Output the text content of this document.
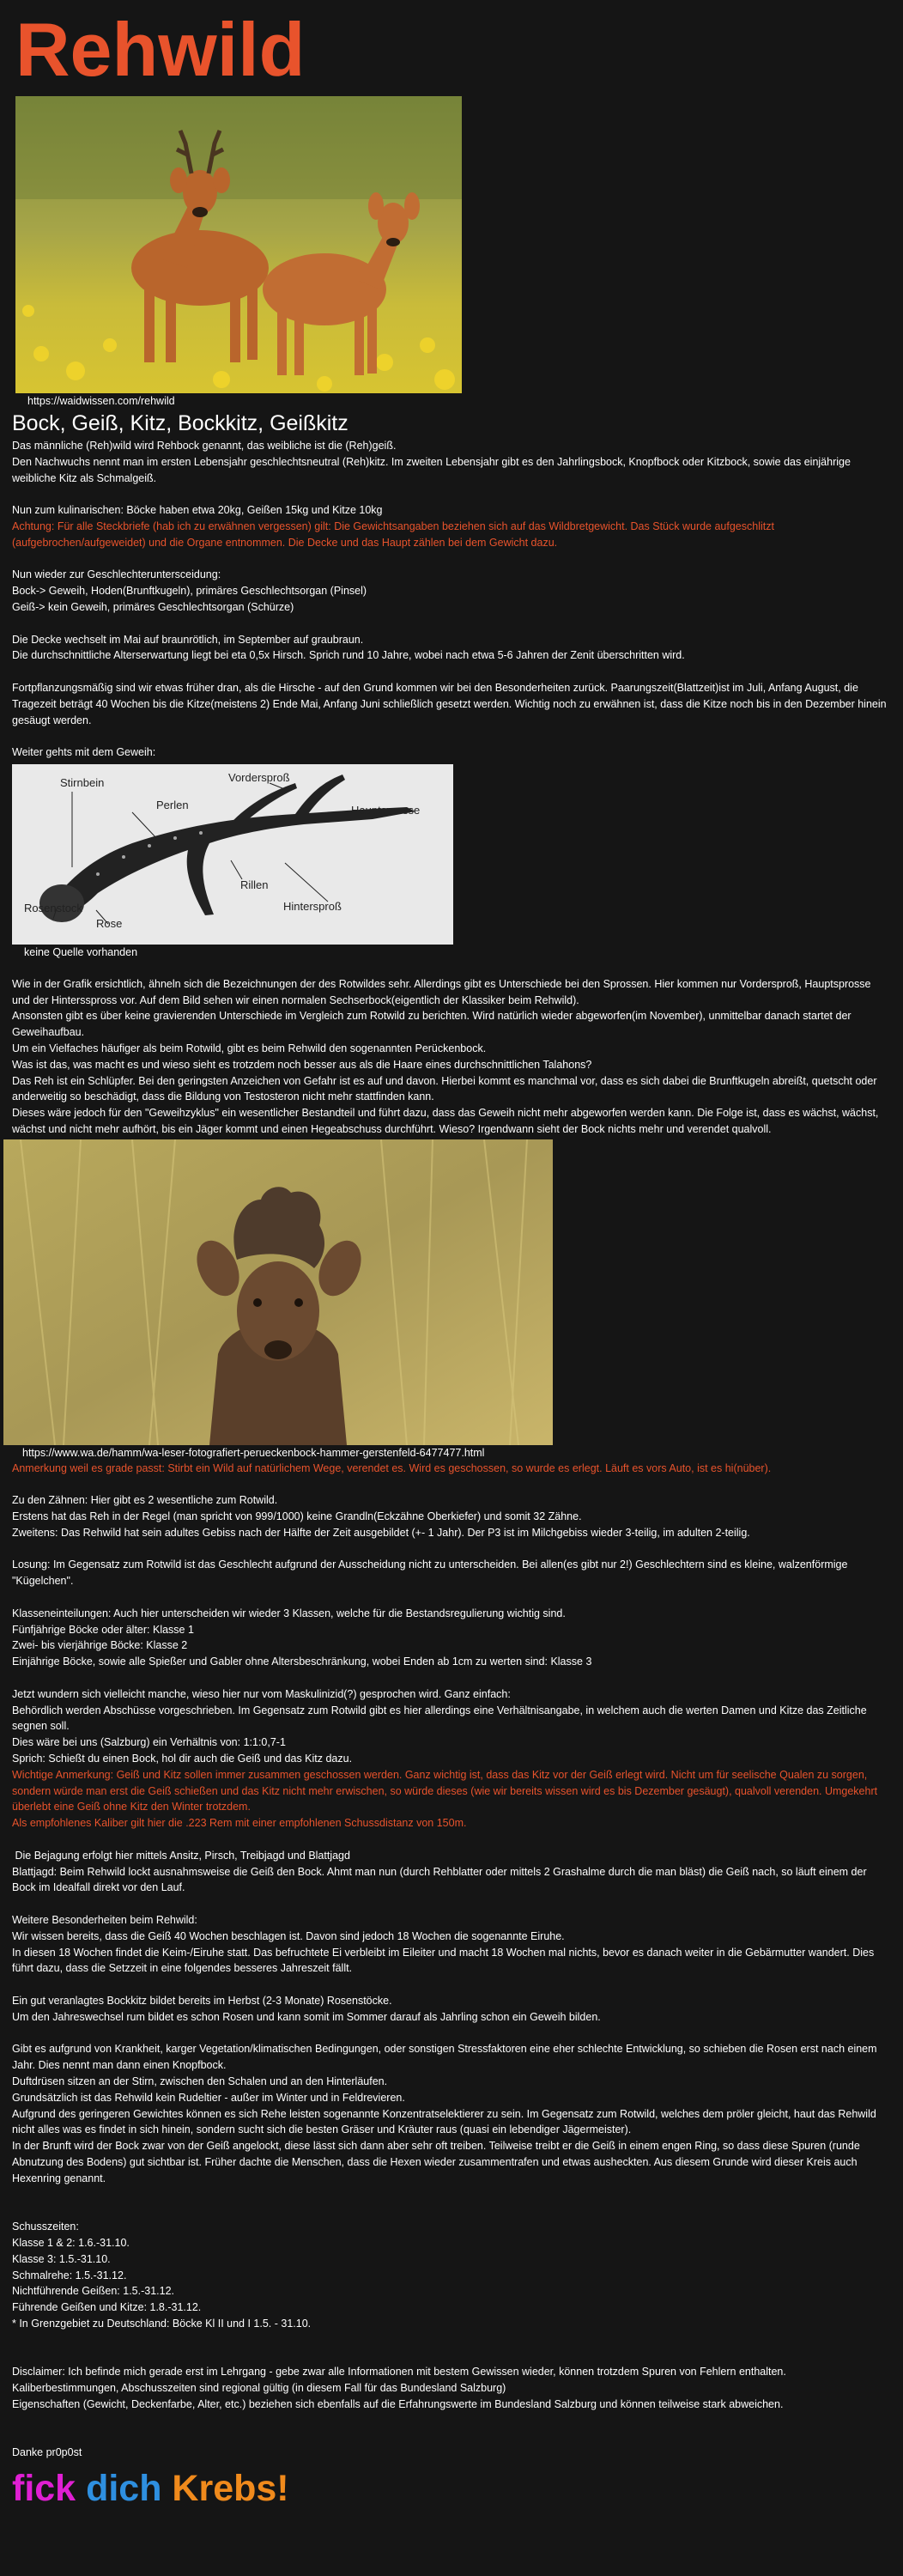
Rehwild
https://waidwissen.com/rehwild
Bock, Geiß, Kitz, Bockkitz, Geißkitz

Das männliche (Reh)wild wird Rehbock genannt, das weibliche ist die (Reh)geiß.

Den Nachwuchs nennt man im ersten Lebensjahr geschlechtsneutral (Reh)kitz. Im zweiten Lebensjahr gibt es den Jahrlingsbock, Knopfbock oder Kitzbock, sowie das einjährige weibliche Kitz als Schmalgeiß.

Nun zum kulinarischen: Böcke haben etwa 20kg, Geißen 15kg und Kitze 10kg

Achtung: Für alle Steckbriefe (hab ich zu erwähnen vergessen) gilt: Die Gewichtsangaben beziehen sich auf das Wildbretgewicht. Das Stück wurde aufgeschlitzt (aufgebrochen/aufgeweidet) und die Organe entnommen. Die Decke und das Haupt zählen bei dem Gewicht dazu.

Nun wieder zur Geschlechteruntersceidung:

Bock-> Geweih, Hoden(Brunftkugeln), primäres Geschlechtsorgan (Pinsel)

Geiß-> kein Geweih, primäres Geschlechtsorgan (Schürze)

Die Decke wechselt im Mai auf braunrötlich, im September auf graubraun.

Die durchschnittliche Alterserwartung liegt bei eta 0,5x Hirsch. Sprich rund 10 Jahre, wobei nach etwa 5-6 Jahren der Zenit überschritten wird.

Fortpflanzungsmäßig sind wir etwas früher dran, als die Hirsche - auf den Grund kommen wir bei den Besonderheiten zurück. Paarungszeit(Blattzeit)ist im Juli, Anfang August, die Tragezeit beträgt 40 Wochen bis die Kitze(meistens 2) Ende Mai, Anfang Juni schließlich gesetzt werden. Wichtig noch zu erwähnen ist, dass die Kitze noch bis in den Dezember hinein gesäugt werden.

Weiter gehts mit dem Geweih:

Stirnbein
Perlen
Vordersproß
Hauptsprosse
Rosenstock
Rose
Rillen
Hintersproß
keine Quelle vorhanden

Wie in der Grafik ersichtlich, ähneln sich die Bezeichnungen der des Rotwildes sehr. Allerdings gibt es Unterschiede bei den Sprossen. Hier kommen nur Vordersproß, Hauptsprosse und der Hintersspross vor. Auf dem Bild sehen wir einen normalen Sechserbock(eigentlich der Klassiker beim Rehwild).

Ansonsten gibt es über keine gravierenden Unterschiede im Vergleich zum Rotwild zu berichten. Wird natürlich wieder abgeworfen(im November), unmittelbar danach startet der Geweihaufbau.

Um ein Vielfaches häufiger als beim Rotwild, gibt es beim Rehwild den sogenannten Perückenbock.

Was ist das, was macht es und wieso sieht es trotzdem noch besser aus als die Haare eines durchschnittlichen Talahons?

Das Reh ist ein Schlüpfer. Bei den geringsten Anzeichen von Gefahr ist es auf und davon. Hierbei kommt es manchmal vor, dass es sich dabei die Brunftkugeln abreißt, quetscht oder anderweitig so beschädigt, dass die Bildung von Testosteron nicht mehr stattfinden kann.

Dieses wäre jedoch für den "Geweihzyklus" ein wesentlicher Bestandteil und führt dazu, dass das Geweih nicht mehr abgeworfen werden kann. Die Folge ist, dass es wächst, wächst, wächst und nicht mehr aufhört, bis ein Jäger kommt und einen Hegeabschuss durchführt. Wieso? Irgendwann sieht der Bock nichts mehr und verendet qualvoll.

https://www.wa.de/hamm/wa-leser-fotografiert-perueckenbock-hammer-gerstenfeld-6477477.html

Anmerkung weil es grade passt: Stirbt ein Wild auf natürlichem Wege, verendet es. Wird es geschossen, so wurde es erlegt. Läuft es vors Auto, ist es hi(nüber).

Zu den Zähnen: Hier gibt es 2 wesentliche zum Rotwild.

Erstens hat das Reh in der Regel (man spricht von 999/1000) keine Grandln(Eckzähne Oberkiefer) und somit 32 Zähne.

Zweitens: Das Rehwild hat sein adultes Gebiss nach der Hälfte der Zeit ausgebildet (+- 1 Jahr). Der P3 ist im Milchgebiss wieder 3-teilig, im adulten 2-teilig.

Losung: Im Gegensatz zum Rotwild ist das Geschlecht aufgrund der Ausscheidung nicht zu unterscheiden. Bei allen(es gibt nur 2!) Geschlechtern sind es kleine, walzenförmige "Kügelchen".

Klasseneinteilungen: Auch hier unterscheiden wir wieder 3 Klassen, welche für die Bestandsregulierung wichtig sind.

Fünfjährige Böcke oder älter: Klasse 1

Zwei- bis vierjährige Böcke: Klasse 2

Einjährige Böcke, sowie alle Spießer und Gabler ohne Altersbeschränkung, wobei Enden ab 1cm zu werten sind: Klasse 3

Jetzt wundern sich vielleicht manche, wieso hier nur vom Maskulinizid(?) gesprochen wird. Ganz einfach:

Behördlich werden Abschüsse vorgeschrieben. Im Gegensatz zum Rotwild gibt es hier allerdings eine Verhältnisangabe, in welchem auch die werten Damen und Kitze das Zeitliche segnen soll.

Dies wäre bei uns (Salzburg) ein Verhältnis von: 1:1:0,7-1

Sprich: Schießt du einen Bock, hol dir auch die Geiß und das Kitz dazu.

Wichtige Anmerkung: Geiß und Kitz sollen immer zusammen geschossen werden. Ganz wichtig ist, dass das Kitz vor der Geiß erlegt wird. Nicht um für seelische Qualen zu sorgen, sondern würde man erst die Geiß schießen und das Kitz nicht mehr erwischen, so würde dieses (wie wir bereits wissen wird es bis Dezember gesäugt), qualvoll verenden. Umgekehrt überlebt eine Geiß ohne Kitz den Winter trotzdem.

Als empfohlenes Kaliber gilt hier die .223 Rem mit einer empfohlenen Schussdistanz von 150m.

Die Bejagung erfolgt hier mittels Ansitz, Pirsch, Treibjagd und Blattjagd

Blattjagd: Beim Rehwild lockt ausnahmsweise die Geiß den Bock. Ahmt man nun (durch Rehblatter oder mittels 2 Grashalme durch die man bläst) die Geiß nach, so läuft einem der Bock im Idealfall direkt vor den Lauf.

Weitere Besonderheiten beim Rehwild:

Wir wissen bereits, dass die Geiß 40 Wochen beschlagen ist. Davon sind jedoch 18 Wochen die sogenannte Eiruhe.

In diesen 18 Wochen findet die Keim-/Eiruhe statt. Das befruchtete Ei verbleibt im Eileiter und macht 18 Wochen mal nichts, bevor es danach weiter in die Gebärmutter wandert. Dies führt dazu, dass die Setzzeit in eine folgendes besseres Jahreszeit fällt.

Ein gut veranlagtes Bockkitz bildet bereits im Herbst (2-3 Monate) Rosenstöcke.

Um den Jahreswechsel rum bildet es schon Rosen und kann somit im Sommer darauf als Jahrling schon ein Geweih bilden.

Gibt es aufgrund von Krankheit, karger Vegetation/klimatischen Bedingungen, oder sonstigen Stressfaktoren eine eher schlechte Entwicklung, so schieben die Rosen erst nach einem Jahr. Dies nennt man dann einen Knopfbock.

Duftdrüsen sitzen an der Stirn, zwischen den Schalen und an den Hinterläufen.

Grundsätzlich ist das Rehwild kein Rudeltier - außer im Winter und in Feldrevieren.

Aufgrund des geringeren Gewichtes können es sich Rehe leisten sogenannte Konzentratselektierer zu sein. Im Gegensatz zum Rotwild, welches dem pröler gleicht, haut das Rehwild nicht alles was es findet in sich hinein, sondern sucht sich die besten Gräser und Kräuter raus (quasi ein lebendiger Jägermeister).

In der Brunft wird der Bock zwar von der Geiß angelockt, diese lässt sich dann aber sehr oft treiben. Teilweise treibt er die Geiß in einem engen Ring, so dass diese Spuren (runde Abnutzung des Bodens) gut sichtbar ist. Früher dachte die Menschen, dass die Hexen wieder zusammentrafen und etwas ausheckten. Aus diesem Grunde wird dieser Kreis auch Hexenring genannt.

Schusszeiten:

Klasse 1 & 2: 1.6.-31.10.

Klasse 3: 1.5.-31.10.

Schmalrehe: 1.5.-31.12.

Nichtführende Geißen: 1.5.-31.12.

Führende Geißen und Kitze: 1.8.-31.12.

* In Grenzgebiet zu Deutschland: Böcke Kl II und I 1.5. - 31.10.

Disclaimer: Ich befinde mich gerade erst im Lehrgang - gebe zwar alle Informationen mit bestem Gewissen wieder, können trotzdem Spuren von Fehlern enthalten.

Kaliberbestimmungen, Abschusszeiten sind regional gültig (in diesem Fall für das Bundesland Salzburg)

Eigenschaften (Gewicht, Deckenfarbe, Alter, etc.) beziehen sich ebenfalls auf die Erfahrungswerte im Bundesland Salzburg und können teilweise stark abweichen.

Danke pr0p0st

fick dich Krebs!
